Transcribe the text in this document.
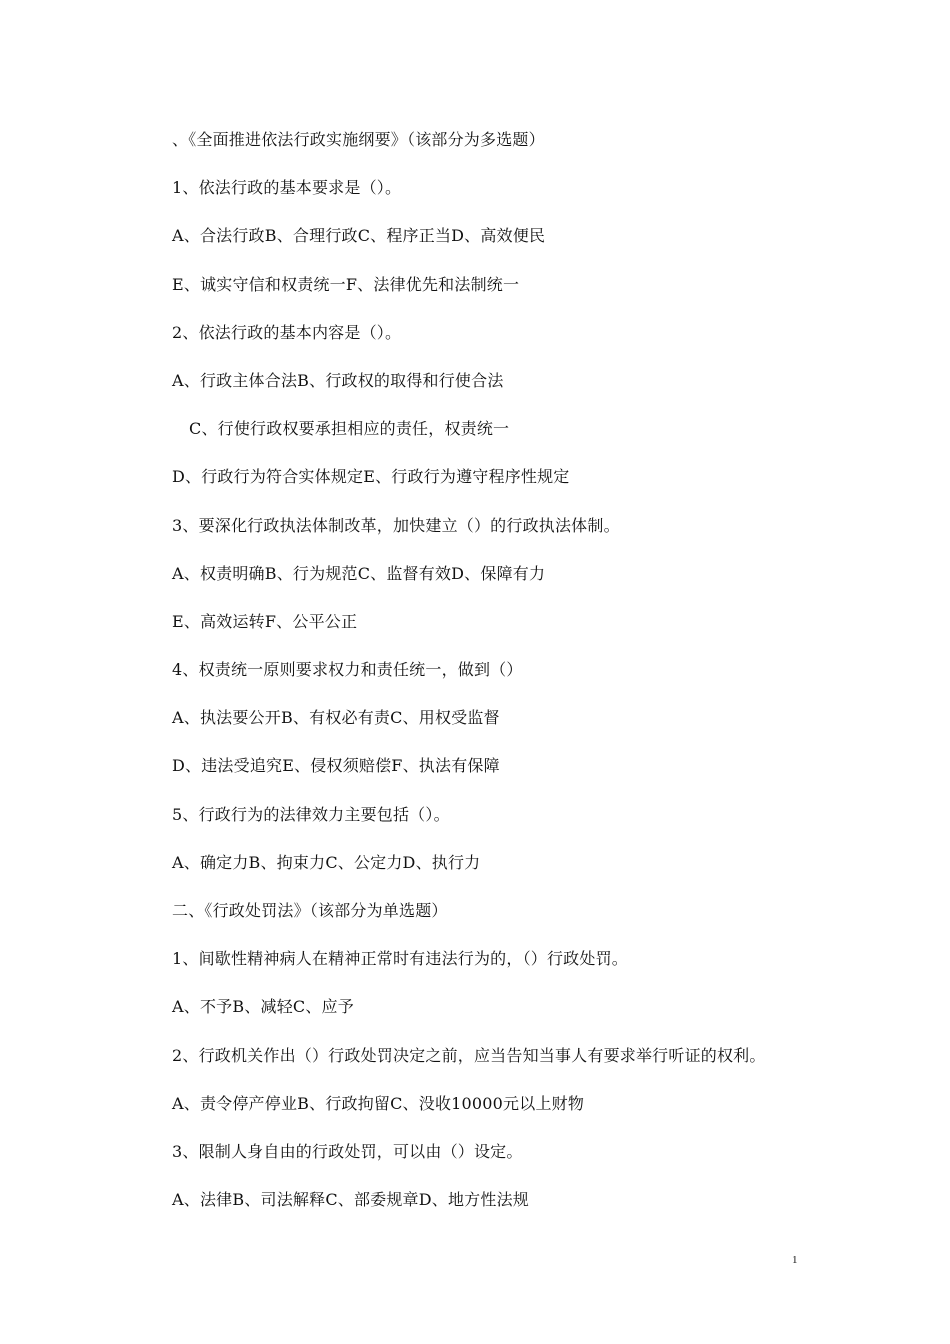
、《全面推进依法行政实施纲要》（该部分为多选题）
1、依法行政的基本要求是（）。
A、合法行政B、合理行政C、程序正当D、高效便民
E、诚实守信和权责统一F、法律优先和法制统一
2、依法行政的基本内容是（）。
A、行政主体合法B、行政权的取得和行使合法
C、行使行政权要承担相应的责任，权责统一
D、行政行为符合实体规定E、行政行为遵守程序性规定
3、要深化行政执法体制改革，加快建立（）的行政执法体制。
A、权责明确B、行为规范C、监督有效D、保障有力
E、高效运转F、公平公正
4、权责统一原则要求权力和责任统一，做到（）
A、执法要公开B、有权必有责C、用权受监督
D、违法受追究E、侵权须赔偿F、执法有保障
5、行政行为的法律效力主要包括（）。
A、确定力B、拘束力C、公定力D、执行力
二、《行政处罚法》（该部分为单选题）
1、间歇性精神病人在精神正常时有违法行为的，（）行政处罚。
A、不予B、减轻C、应予
2、行政机关作出（）行政处罚决定之前，应当告知当事人有要求举行听证的权利。
A、责令停产停业B、行政拘留C、没收10000元以上财物
3、限制人身自由的行政处罚，可以由（）设定。
A、法律B、司法解释C、部委规章D、地方性法规
1
